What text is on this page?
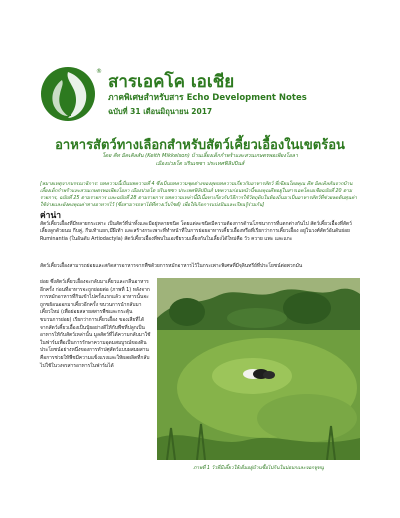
®
สารเอคโค เอเชีย
ภาคพิเศษสำหรับสาร Echo Development Notes
ฉบับที่ 31 เดือนมิถุนายน 2017
อาหารสัตว์ทางเลือกสำหรับสัตว์เคี้ยวเอื้องในเขตร้อน
โดย คีท มิคเคิลสัน (Keith Mikkelson) บ้านเลี้ยงเด็กกำพร้าและสวนเกษตรพอเพียงโอลา
เมืองปวยโต ปรินเซซา ประเทศฟิลิปปินส์
[หมายเหตุจากบรรณาธิการ: บทความนี้เป็นบทความที่ 4 ซึ่งเป็นบทความชุดต่างของสุดบทความเกี่ยวกับอาหารสัตว์ ที่เขียนโดยคุณ คีท มิคเคิลสันจากบ้านเลี้ยงเด็กกำพร้าและสวนเกษตรพอเพียงโอลา เมืองปวยโต ปรินเซซา ประเทศฟิลิปปินส์ บทความก่อนหน้านี้ของคุณคีทอยู่ในสารเอคโคเอเชียฉบับที่ 20 ตามรายการ, ฉบับที่ 25 ตามรายการ และฉบับที่ 28 ตามรายการ บทความเหล่านี้มีเนื้อหาเกี่ยวกับวิธีการใช้วัตถุดิบในท้องถิ่นมาเป็นอาหารสัตว์ที่ช่วยลดต้นทุนค่าใช้จ่ายและยังคงคุณค่าทางอาหารไว้ (ซึ่งสามารถหาได้ที่ทางเว็บไซต์) เพื่อให้เกิดการแบ่งปันและเรียนรู้ร่วมกัน]
ค่าน่า
สัตว์เคี้ยวเอื้องที่มีหลายกระเพาะ เป็นสัตว์ที่น่าทั้งและมีอยู่หลายชนิด โดยแต่ละชนิดมีความต้องการด้านโภชนาการที่แตกต่างกันไป สัตว์เคี้ยวเอื้องที่สัตว์เลี้ยงลูกด้วยนม กีบคู่, กีบเท้าแยก,มีฝีเท้า และสร้างกระเพาะที่ทำหน้าที่ในการย่อยอาหารเคี้ยวเอื้องหรือที่เรียกว่าการเคี้ยวเอื้อง อยู่ในวงศ์สัตว์อันดับย่อย Ruminantia (ในอันดับ Artiodactyla) สัตว์เคี้ยวเอื้องที่พบในเอเชียรวมเลี้ยงกันในเลี้ยงได้ใหม่คือ วัว ควาย แพะ และแกะ
สัตว์เคี้ยวเอื้องสามารถย่อยและสกัดสารอาหารจากพืชด้วยการหมักอาหารไว้ในกระเพาะพิเศษที่มีจุลินทรีย์ที่ประโยชน์ต่อพวกมัน
ย่อย ซึ่งสัตว์เคี้ยวเอื้องจะกลับมาเคี้ยวและกลืนอาหารอีกครั้ง ก่อนที่อาหารจะถูกย่อยต่อ (ภาพที่ 1) หลังจากการหมักอาหารที่กินเข้าไปครั้งแรกแล้ว อาหารนั้นจะถูกขย้อนออกมาเคี้ยวอีกครั้ง ขบวนการนำกลับมาเคี้ยวใหม่ (เพื่อย่อยสลายสสารพืชและกระตุ้นขบวนการย่อย) เรียกว่าการเคี้ยวเอื้อง ของเสียที่ได้จากสัตว์เคี้ยวเอื้องเป็นปุ๋ยอย่างดีให้กับพืชที่ปลูกเป็นอาหารให้กับสัตว์เหล่านั้น มูลสัตว์ที่ได้ความกลับมาใช้ในฟาร์มเพื่อเป็นการรักษาความอุดมสมบูรณ์ของดิน ประโยชน์อย่างหนึ่งของการทำปศุสัตว์แบบผสมผสานคือการช่วยให้พืชมีความแข็งแรงและให้ผลผลิตที่กลับไปใช้ในวงจรสารอาหารในฟาร์มได้
ภาพที่ 1 วัวที่มีเคี้ยวให้เต็มอยู่บ้านซื้อไปกินในบ่อบกและจอกหูหนู
